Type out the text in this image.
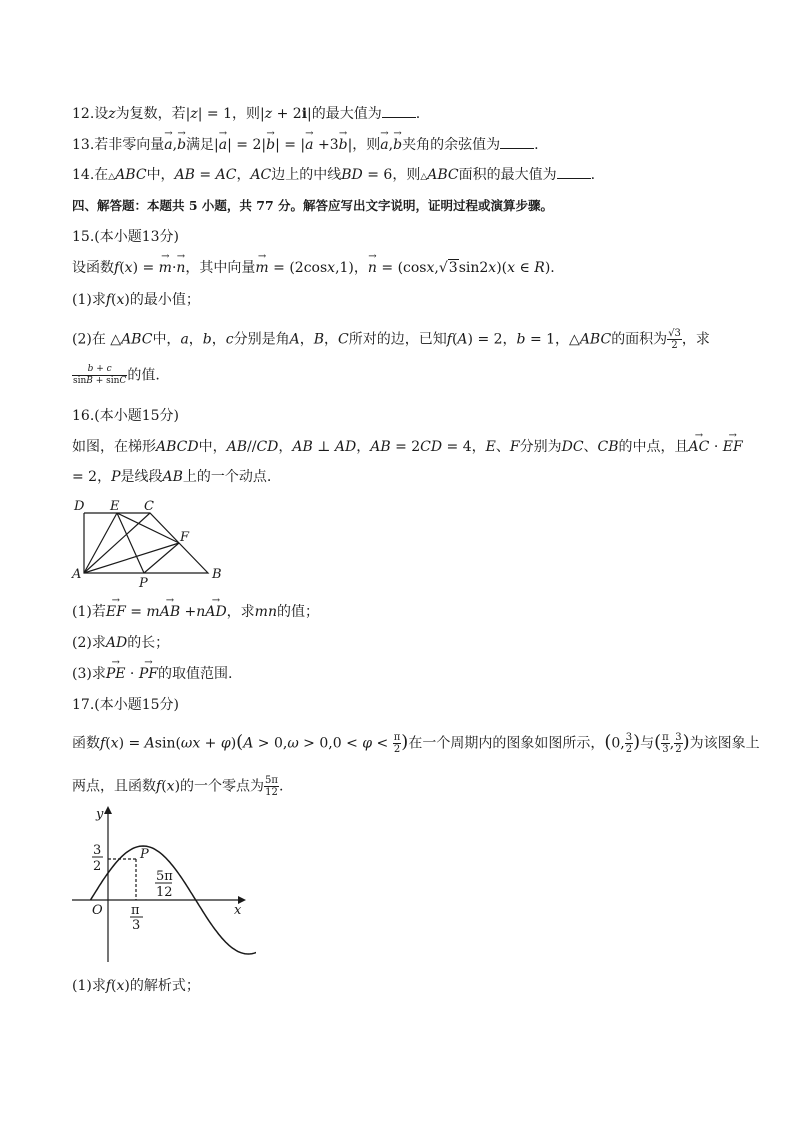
12.设z为复数，若|z| = 1，则|z + 2i|的最大值为 .
13.若非零向量→ a,→ b满足|→ a| = 2|→ b| = |→ a +3→ b|，则→ a,→ b夹角的余弦值为 .
14.在△ABC中，AB = AC，AC边上的中线BD = 6，则△ABC面积的最大值为 .
四、解答题：本题共 5 小题，共 77 分。解答应写出文字说明，证明过程或演算步骤。
15.(本小题13分)
设函数f(x) = → m·→ n，其中向量→ m = (2cosx,1)，→ n = (cosx,√3sin2x)(x ∈ R).
(1)求f(x)的最小值；
(2)在 △ABC中，a，b，c分别是角A，B，C所对的边，已知f(A) = 2，b = 1，△ABC的面积为 $\frac{√3}{2}$ ，求
$\frac{b + c}{\sin B + \sin C}$ 的值.
16.(本小题15分)
如图，在梯形ABCD中，AB//CD，AB ⊥ AD，AB = 2CD = 4，E、F分别为DC、CB的中点，且→ AC · → EF
= 2，P是线段AB上的一个动点.
D E C
F
A
P
B
(1)若→ EF = m→ AB +n→ AD，求mn的值；
(2)求AD的长；
(3)求→ PE · → PF的取值范围.
17.(本小题15分)
函数$f(x) = Asin(\omega x + \varphi)(A > 0,\omega > 0,0 < \varphi < \frac{\pi}{2}$ )在一个周期内的图象如图所示，(0, $\frac{3}{2}$ )与( $\frac{\pi}{3}$ , $\frac{3}{2}$ )为该图象上
两点，且函数f(x)的一个零点为 $\frac{5\pi}{12}$ .
y
x
O
P
3
2
5π
12
π
3
(1)求f(x)的解析式；
